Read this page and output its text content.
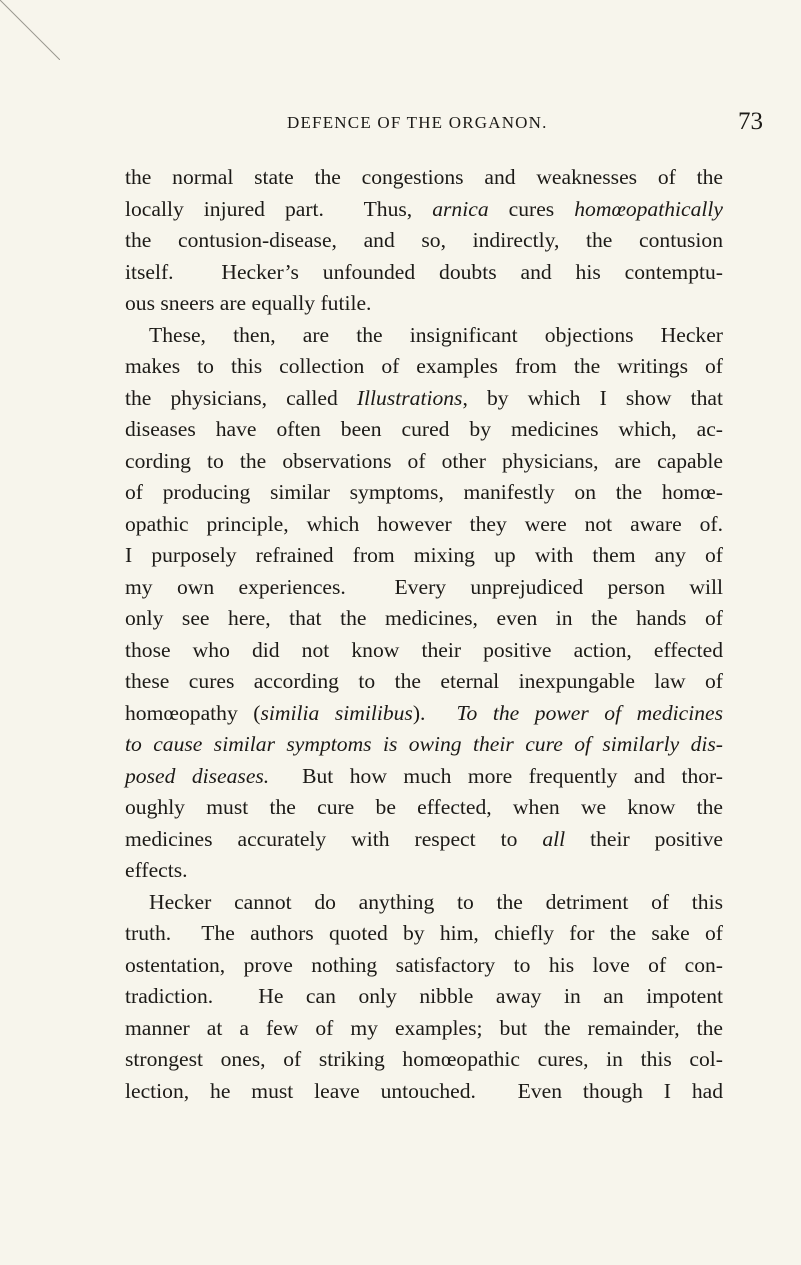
DEFENCE OF THE ORGANON.	73
the normal state the congestions and weaknesses of the
locally injured part.  Thus, arnica cures homœopathically
the contusion-disease, and so, indirectly, the contusion
itself.  Hecker’s unfounded doubts and his contemptu-
ous sneers are equally futile.
These, then, are the insignificant objections Hecker
makes to this collection of examples from the writings of
the physicians, called Illustrations, by which I show that
diseases have often been cured by medicines which, ac-
cording to the observations of other physicians, are capable
of producing similar symptoms, manifestly on the homœ-
opathic principle, which however they were not aware of.
I purposely refrained from mixing up with them any of
my own experiences.  Every unprejudiced person will
only see here, that the medicines, even in the hands of
those who did not know their positive action, effected
these cures according to the eternal inexpungable law of
homœopathy (similia similibus).  To the power of medicines
to cause similar symptoms is owing their cure of similarly dis-
posed diseases.  But how much more frequently and thor-
oughly must the cure be effected, when we know the
medicines accurately with respect to all their positive
effects.
Hecker cannot do anything to the detriment of this
truth.  The authors quoted by him, chiefly for the sake of
ostentation, prove nothing satisfactory to his love of con-
tradiction.  He can only nibble away in an impotent
manner at a few of my examples; but the remainder, the
strongest ones, of striking homœopathic cures, in this col-
lection, he must leave untouched.  Even though I had
